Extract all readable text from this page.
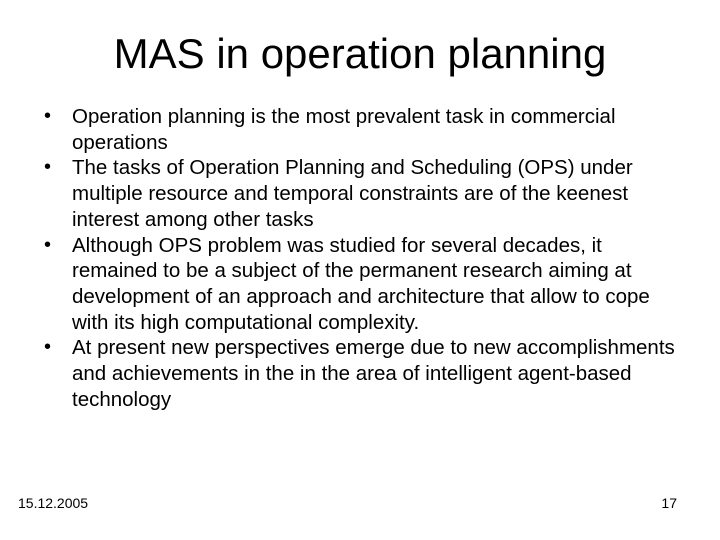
MAS in operation planning
•	Operation planning is the most prevalent task in commercial operations
•	The tasks of Operation Planning and Scheduling (OPS) under multiple resource and temporal constraints are of the keenest interest among other tasks
•	Although OPS problem was studied for several decades, it remained to be a subject of the permanent research aiming at development of an approach and architecture that allow to cope with its high computational complexity.
•	At present new perspectives emerge due to new accomplishments and achievements in the in the area of intelligent agent-based technology
15.12.2005	17
